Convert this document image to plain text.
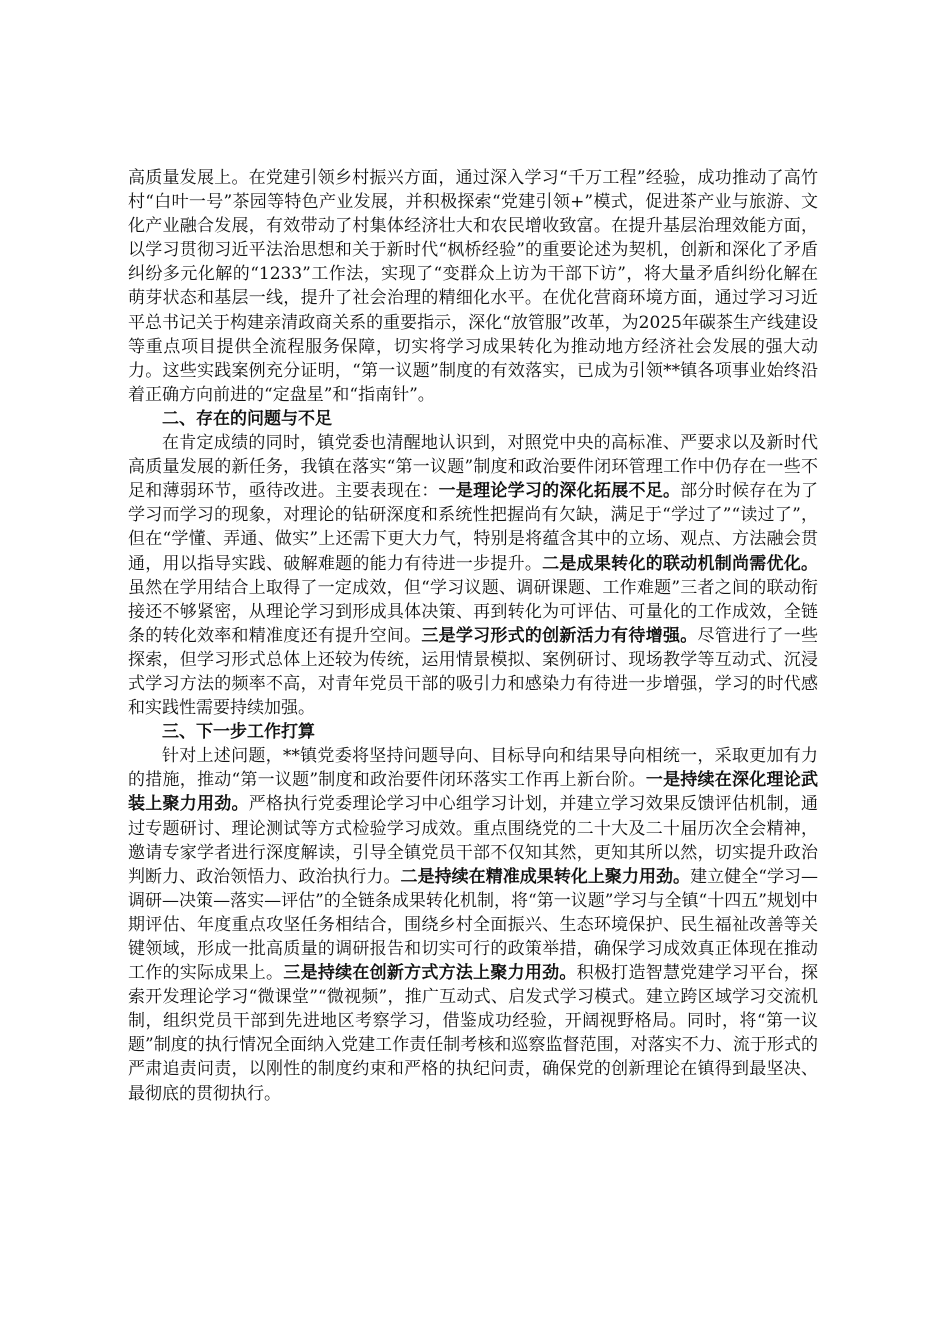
高质量发展上。在党建引领乡村振兴方面，通过深入学习“千万工程”经验，成功推动了高竹村“白叶一号”茶园等特色产业发展，并积极探索“党建引领+”模式，促进茶产业与旅游、文化产业融合发展，有效带动了村集体经济壮大和农民增收致富。在提升基层治理效能方面，以学习贯彻习近平法治思想和关于新时代“枫桥经验”的重要论述为契机，创新和深化了矛盾纠纷多元化解的“1233”工作法，实现了“变群众上访为干部下访”，将大量矛盾纠纷化解在萌芽状态和基层一线，提升了社会治理的精细化水平。在优化营商环境方面，通过学习习近平总书记关于构建亲清政商关系的重要指示，深化“放管服”改革，为2025年碳茶生产线建设等重点项目提供全流程服务保障，切实将学习成果转化为推动地方经济社会发展的强大动力。这些实践案例充分证明，“第一议题”制度的有效落实，已成为引领**镇各项事业始终沿着正确方向前进的“定盘星”和“指南针”。

二、存在的问题与不足

在肯定成绩的同时，镇党委也清醒地认识到，对照党中央的高标准、严要求以及新时代高质量发展的新任务，我镇在落实“第一议题”制度和政治要件闭环管理工作中仍存在一些不足和薄弱环节，亟待改进。主要表现在：一是理论学习的深化拓展不足。部分时候存在为了学习而学习的现象，对理论的钻研深度和系统性把握尚有欠缺，满足于“学过了”“读过了”，但在“学懂、弄通、做实”上还需下更大力气，特别是将蕴含其中的立场、观点、方法融会贯通，用以指导实践、破解难题的能力有待进一步提升。二是成果转化的联动机制尚需优化。虽然在学用结合上取得了一定成效，但“学习议题、调研课题、工作难题”三者之间的联动衔接还不够紧密，从理论学习到形成具体决策、再到转化为可评估、可量化的工作成效，全链条的转化效率和精准度还有提升空间。三是学习形式的创新活力有待增强。尽管进行了一些探索，但学习形式总体上还较为传统，运用情景模拟、案例研讨、现场教学等互动式、沉浸式学习方法的频率不高，对青年党员干部的吸引力和感染力有待进一步增强，学习的时代感和实践性需要持续加强。

三、下一步工作打算

针对上述问题，**镇党委将坚持问题导向、目标导向和结果导向相统一，采取更加有力的措施，推动“第一议题”制度和政治要件闭环落实工作再上新台阶。一是持续在深化理论武装上聚力用劲。严格执行党委理论学习中心组学习计划，并建立学习效果反馈评估机制，通过专题研讨、理论测试等方式检验学习成效。重点围绕党的二十大及二十届历次全会精神，邀请专家学者进行深度解读，引导全镇党员干部不仅知其然，更知其所以然，切实提升政治判断力、政治领悟力、政治执行力。二是持续在精准成果转化上聚力用劲。建立健全“学习—调研—决策—落实—评估”的全链条成果转化机制，将“第一议题”学习与全镇“十四五”规划中期评估、年度重点攻坚任务相结合，围绕乡村全面振兴、生态环境保护、民生福祉改善等关键领域，形成一批高质量的调研报告和切实可行的政策举措，确保学习成效真正体现在推动工作的实际成果上。三是持续在创新方式方法上聚力用劲。积极打造智慧党建学习平台，探索开发理论学习“微课堂”“微视频”，推广互动式、启发式学习模式。建立跨区域学习交流机制，组织党员干部到先进地区考察学习，借鉴成功经验，开阔视野格局。同时，将“第一议题”制度的执行情况全面纳入党建工作责任制考核和巡察监督范围，对落实不力、流于形式的严肃追责问责，以刚性的制度约束和严格的执纪问责，确保党的创新理论在镇得到最坚决、最彻底的贯彻执行。
